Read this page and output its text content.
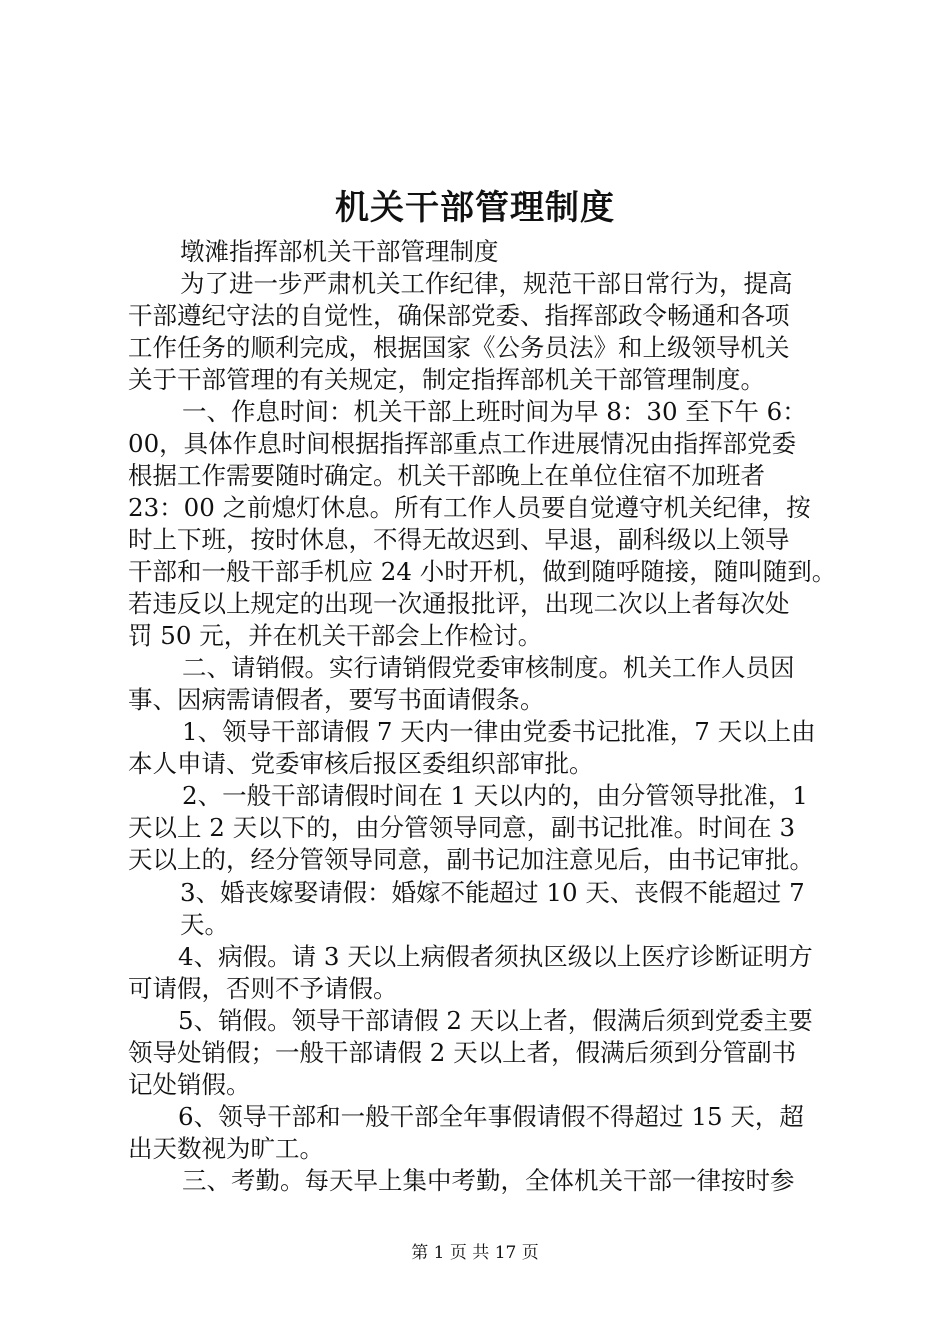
机关干部管理制度
墩滩指挥部机关干部管理制度
为了进一步严肃机关工作纪律，规范干部日常行为，提高
干部遵纪守法的自觉性，确保部党委、指挥部政令畅通和各项
工作任务的顺利完成，根据国家《公务员法》和上级领导机关
关于干部管理的有关规定，制定指挥部机关干部管理制度。
一、作息时间：机关干部上班时间为早 8：30 至下午 6：
00，具体作息时间根据指挥部重点工作进展情况由指挥部党委
根据工作需要随时确定。机关干部晚上在单位住宿不加班者
23：00 之前熄灯休息。所有工作人员要自觉遵守机关纪律，按
时上下班，按时休息，不得无故迟到、早退，副科级以上领导
干部和一般干部手机应 24 小时开机，做到随呼随接，随叫随到。
若违反以上规定的出现一次通报批评，出现二次以上者每次处
罚 50 元，并在机关干部会上作检讨。
二、请销假。实行请销假党委审核制度。机关工作人员因
事、因病需请假者，要写书面请假条。
1、领导干部请假 7 天内一律由党委书记批准，7 天以上由
本人申请、党委审核后报区委组织部审批。
2、一般干部请假时间在 1 天以内的，由分管领导批准，1
天以上 2 天以下的，由分管领导同意，副书记批准。时间在 3
天以上的，经分管领导同意，副书记加注意见后，由书记审批。
3、婚丧嫁娶请假：婚嫁不能超过 10 天、丧假不能超过 7
天。
4、病假。请 3 天以上病假者须执区级以上医疗诊断证明方
可请假，否则不予请假。
5、销假。领导干部请假 2 天以上者，假满后须到党委主要
领导处销假；一般干部请假 2 天以上者，假满后须到分管副书
记处销假。
6、领导干部和一般干部全年事假请假不得超过 15 天，超
出天数视为旷工。
三、考勤。每天早上集中考勤，全体机关干部一律按时参
第 1 页 共 17 页
